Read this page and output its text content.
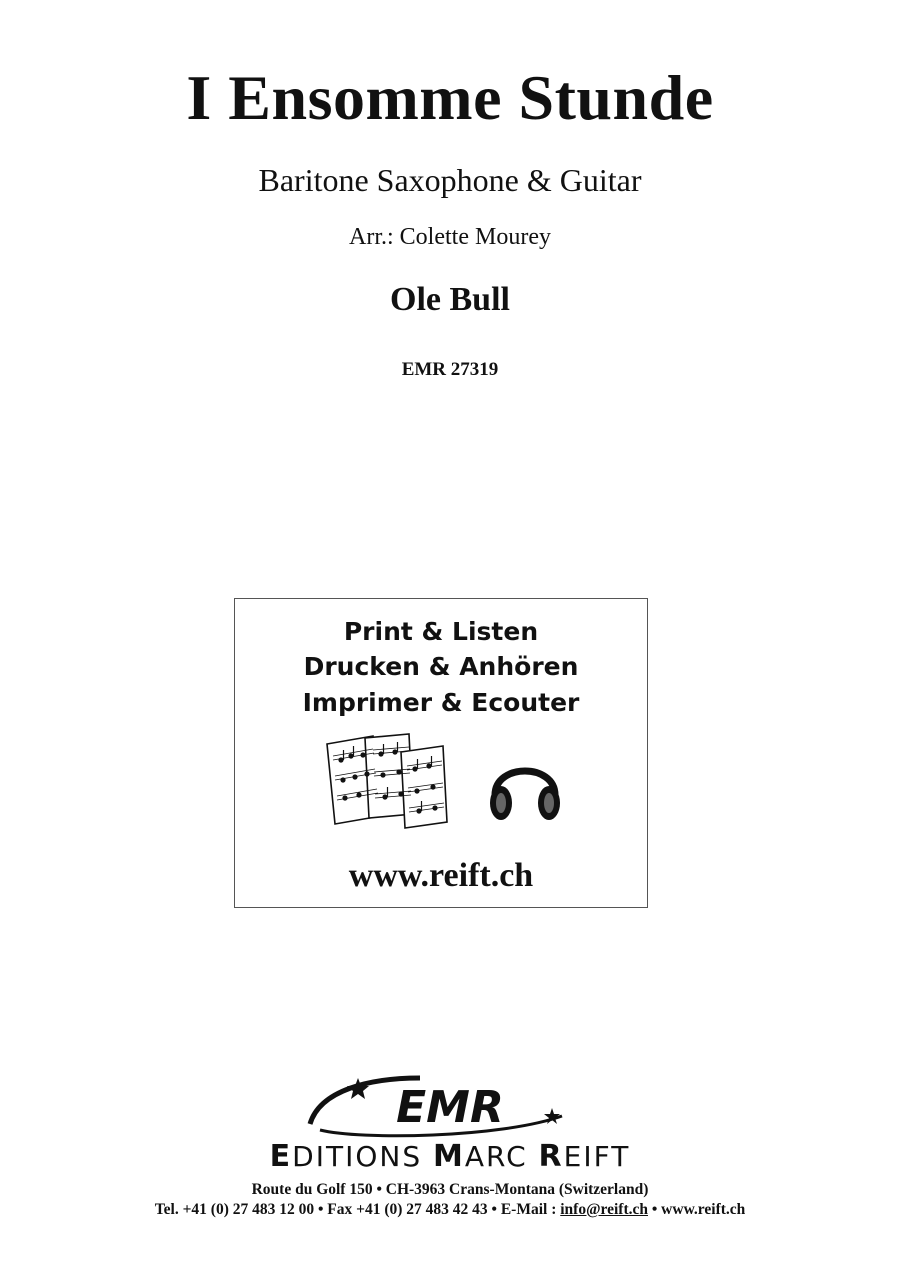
I Ensomme Stunde
Baritone Saxophone & Guitar
Arr.: Colette Mourey
Ole Bull
EMR 27319
Print & Listen
Drucken & Anhören
Imprimer & Ecouter
www.reift.ch
EMR
EDITIONS MARC REIFT
Route du Golf 150 • CH-3963 Crans-Montana (Switzerland)
Tel. +41 (0) 27 483 12 00 • Fax +41 (0) 27 483 42 43 • E-Mail : info@reift.ch • www.reift.ch
